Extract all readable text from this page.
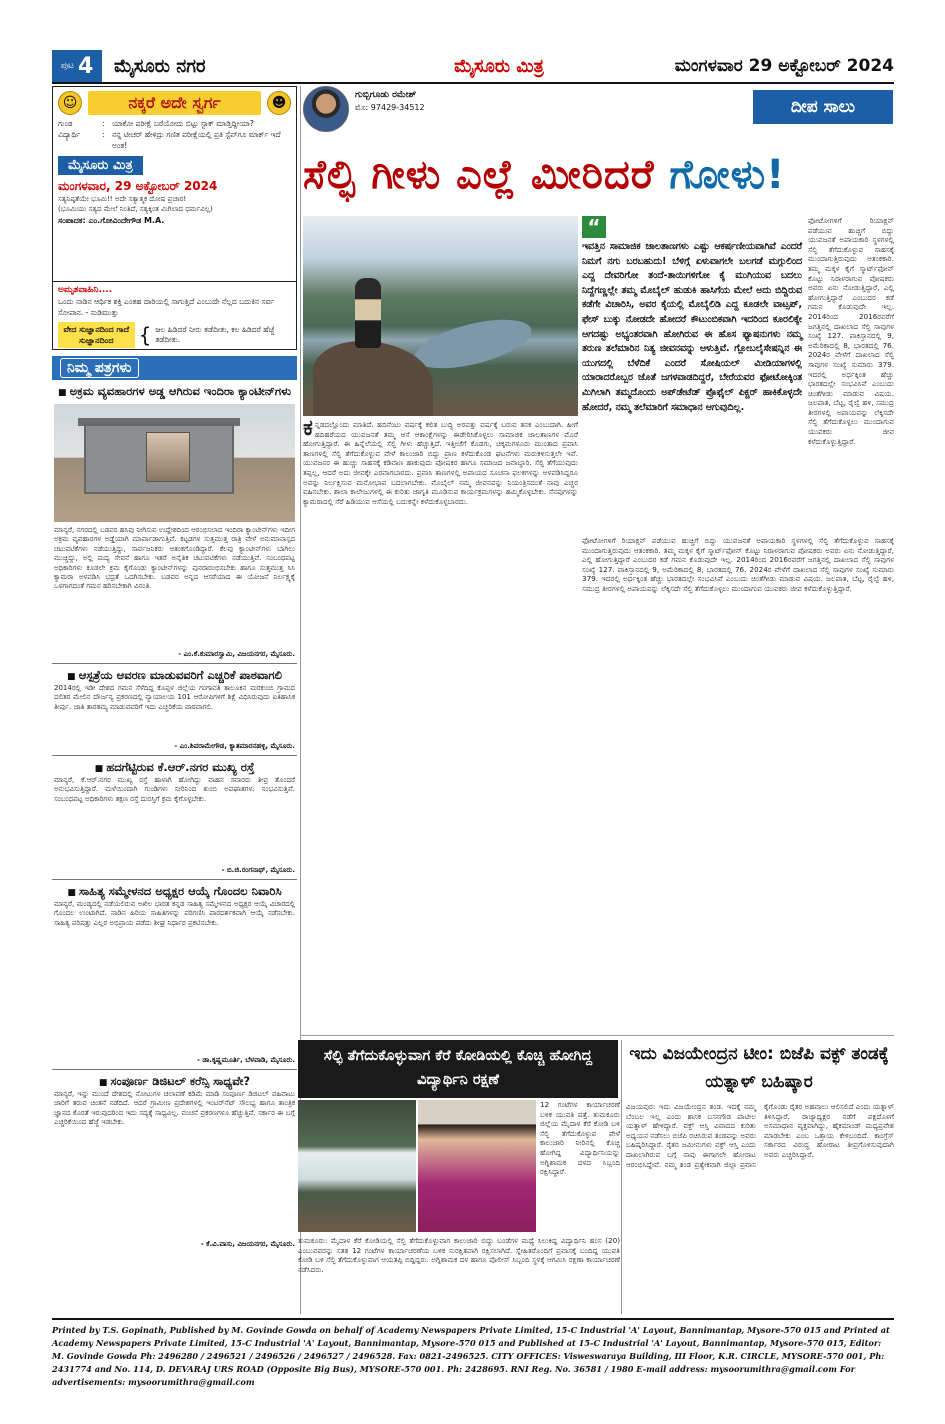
ಪುಟ 4 ಮೈಸೂರು ನಗರ	ಮೈಸೂರು ಮಿತ್ರ	ಮಂಗಳವಾರ 29 ಅಕ್ಟೋಬರ್ 2024
☺	ನಕ್ಕರೆ ಅದೇ ಸ್ವರ್ಗ	☻
ಗುಂಡ	: ಯಾಕೋ ಪರೀಕ್ಷೆ ಬರೆಯೋದು ಬಿಟ್ಟು ಸ್ಟಾಕ್ ಮಾಡ್ತಿದ್ದೀಯಾ?
ವಿದ್ಯಾರ್ಥಿ	: ನನ್ನ ಟೀಚರ್ ಹೇಳಿದ್ರು ಗಣಿತ ಪರೀಕ್ಷೆಯಲ್ಲಿ ಪ್ರತಿ ಸ್ಟೆಪ್‌ಗೂ ಮಾರ್ಕ್ ಇದೆ ಅಂತ!
ಮೈಸೂರು ಮಿತ್ರ
ಮಂಗಳವಾರ, 29 ಅಕ್ಟೋಬರ್ 2024
ಸತ್ಯನಿಷ್ಠತೆಯೇ ಭೂಮಿ!! ಅದೇ ಸತ್ಯಾತ್ಮಕ ದೋಷ ಪ್ರಚಾರ!
(ಭೂಮಿಯು ಸತ್ಯದ ಮೇಲೆ ನಿಂತಿದೆ, ಸತ್ಯಕ್ಕಿಂತ ಮಿಗಿಲಾದ ಧರ್ಮವಿಲ್ಲ)
ಸಂಪಾದಕ: ಎಂ.ಗೋವಿಂದೇಗೌಡ M.A.
ಅಮೃತವಾಹಿನಿ....
ಒಂದು ನಾಡಿನ ಆರ್ಥಿಕ ಶಕ್ತಿ ಎಂತಹ ದಾರಿಯಲ್ಲಿ ಸಾಗುತ್ತಿದೆ ಎಂಬುದೇ ನೆಲ್ಲದ ಬದುಕಿನ ಸರ್ವ ಸೋಪಾನ. - ನುಡಿಮುತ್ತು
ವೇದ ಸುಜ್ಞಾನದಿಂದ ಗಾದೆ ಸುಜ್ಞಾನದಿಂದ	{ ಜಲ ಹಿಡಿದರೆ ನೀರು ತಡೆದೀತು, ಕಲ ಹಿಡಿದರೆ ಹೆಜ್ಜೆ ತಡೆದೀತು.
ನಿಮ್ಮ ಪತ್ರಗಳು
■ ಅಕ್ರಮ ವ್ಯವಹಾರಗಳ ಅಡ್ಡ ಆಗಿರುವ ಇಂದಿರಾ ಕ್ಯಾಂಟೀನ್‌ಗಳು
ಮಾನ್ಯರೆ, ನಗರದಲ್ಲಿ ಬಡವರ ಹಸಿವು ನೀಗಿಸುವ ಉದ್ದೇಶದಿಂದ ಆರಂಭಿಸಲಾದ ಇಂದಿರಾ ಕ್ಯಾಂಟೀನ್‌ಗಳು ಇದೀಗ ಅಕ್ರಮ ವ್ಯವಹಾರಗಳ ಅಡ್ಡೆಯಾಗಿ ಮಾರ್ಪಾಡಾಗುತ್ತಿವೆ. ಕಟ್ಟಡಗಳ ಸುತ್ತಮುತ್ತ ರಾತ್ರಿ ವೇಳೆ ಅನುಮಾನಾಸ್ಪದ ಚಟುವಟಿಕೆಗಳು ನಡೆಯುತ್ತಿದ್ದು, ಸಾರ್ವಜನಿಕರು ಆತಂಕಗೊಂಡಿದ್ದಾರೆ. ಕೆಲವು ಕ್ಯಾಂಟೀನ್‌ಗಳು ಬಾಗಿಲು ಮುಚ್ಚಿದ್ದು, ಅಲ್ಲಿ ಮದ್ಯ ಸೇವನೆ ಹಾಗೂ ಇತರೆ ಅನೈತಿಕ ಚಟುವಟಿಕೆಗಳು ನಡೆಯುತ್ತಿವೆ. ಸಂಬಂಧಪಟ್ಟ ಅಧಿಕಾರಿಗಳು ಕೂಡಲೇ ಕ್ರಮ ಕೈಗೊಂಡು ಕ್ಯಾಂಟೀನ್‌ಗಳನ್ನು ಪುನರಾರಂಭಿಸಬೇಕು ಹಾಗೂ ಸುತ್ತಮುತ್ತ ಸಿಸಿ ಕ್ಯಾಮರಾ ಅಳವಡಿಸಿ ಭದ್ರತೆ ಒದಗಿಸಬೇಕು. ಬಡವರ ಅನ್ನದ ಆಸರೆಯಾದ ಈ ಯೋಜನೆ ನಿರ್ಲಕ್ಷ್ಯಕ್ಕೆ ಒಳಗಾಗದಂತೆ ಗಮನ ಹರಿಸಬೇಕಾಗಿ ವಿನಂತಿ.
- ಎಂ.ಕೆ.ಕುಮಾರಸ್ವಾಮಿ, ವಿಜಯನಗರ, ಮೈಸೂರು.
■ ಆಸ್ಪತ್ರೆಯ ಆವರಣ ಮಾಡುವವರಿಗೆ ಎಚ್ಚರಿಕೆ ಪಾಠವಾಗಲಿ
2014ರಲ್ಲಿ ಇಡೀ ದೇಶದ ಗಮನ ಸೆಳೆದಿದ್ದ ಕೊಪ್ಪಳ ಜಿಲ್ಲೆಯ ಗಂಗಾವತಿ ತಾಲೂಕಿನ ಮರಕುಂಬಿ ಗ್ರಾಮದ ದಲಿತರ ಮೇಲಿನ ದೌರ್ಜನ್ಯ ಪ್ರಕರಣದಲ್ಲಿ ನ್ಯಾಯಾಲಯ 101 ಆರೋಪಿಗಳಿಗೆ ಶಿಕ್ಷೆ ವಿಧಿಸಿರುವುದು ಐತಿಹಾಸಿಕ ತೀರ್ಪು. ಜಾತಿ ತಾರತಮ್ಯ ಮಾಡುವವರಿಗೆ ಇದು ಎಚ್ಚರಿಕೆಯ ಪಾಠವಾಗಲಿ.
- ಎಂ.ಶಿವರಾಮೇಗೌಡ, ಕ್ಯಾತಮಾರನಹಳ್ಳಿ, ಮೈಸೂರು.
■ ಹದಗೆಟ್ಟಿರುವ ಕೆ.ಆರ್.ನಗರ ಮುಖ್ಯ ರಸ್ತೆ
ಮಾನ್ಯರೆ, ಕೆ.ಆರ್.ನಗರ ಮುಖ್ಯ ರಸ್ತೆ ಹಾಳಾಗಿ ಹೋಗಿದ್ದು ವಾಹನ ಸವಾರರು ತೀವ್ರ ತೊಂದರೆ ಅನುಭವಿಸುತ್ತಿದ್ದಾರೆ. ಮಳೆಯಿಂದಾಗಿ ಗುಂಡಿಗಳು ನೀರಿನಿಂದ ತುಂಬಿ ಅಪಘಾತಗಳು ಸಂಭವಿಸುತ್ತಿವೆ. ಸಂಬಂಧಪಟ್ಟ ಅಧಿಕಾರಿಗಳು ತಕ್ಷಣ ರಸ್ತೆ ದುರಸ್ತಿಗೆ ಕ್ರಮ ಕೈಗೊಳ್ಳಬೇಕು.
- ಬಿ.ಜಿ.ರಂಗನಾಥ್, ಮೈಸೂರು.
■ ಸಾಹಿತ್ಯ ಸಮ್ಮೇಳನದ ಅಧ್ಯಕ್ಷರ ಆಯ್ಕೆ ಗೊಂದಲ ನಿವಾರಿಸಿ
ಮಾನ್ಯರೆ, ಮಂಡ್ಯದಲ್ಲಿ ನಡೆಯಲಿರುವ ಅಖಿಲ ಭಾರತ ಕನ್ನಡ ಸಾಹಿತ್ಯ ಸಮ್ಮೇಳನದ ಅಧ್ಯಕ್ಷರ ಆಯ್ಕೆ ವಿಚಾರದಲ್ಲಿ ಗೊಂದಲ ಉಂಟಾಗಿದೆ. ನಾಡಿನ ಹಿರಿಯ ಸಾಹಿತಿಗಳನ್ನು ಪರಿಗಣಿಸಿ ಪಾರದರ್ಶಕವಾಗಿ ಆಯ್ಕೆ ನಡೆಸಬೇಕು. ಸಾಹಿತ್ಯ ಪರಿಷತ್ತು ಎಲ್ಲರ ಅಭಿಪ್ರಾಯ ಪಡೆದು ಶೀಘ್ರ ನಿರ್ಧಾರ ಪ್ರಕಟಿಸಬೇಕು.
- ಡಾ.ಕೃಷ್ಣಮೂರ್ತಿ, ಬೆಳವಾಡಿ, ಮೈಸೂರು.
■ ಸಂಪೂರ್ಣ ಡಿಜಿಟಲ್ ಕರೆನ್ಸಿ ಸಾಧ್ಯವೇ?
ಮಾನ್ಯರೆ, ಇನ್ನು ಮುಂದೆ ದೇಶದಲ್ಲಿ ನೋಟುಗಳ ಚಲಾವಣೆ ಕಡಿಮೆ ಮಾಡಿ ಸಂಪೂರ್ಣ ಡಿಜಿಟಲ್ ವಹಿವಾಟು ಜಾರಿಗೆ ತರುವ ಚಿಂತನೆ ನಡೆದಿದೆ. ಆದರೆ ಗ್ರಾಮೀಣ ಪ್ರದೇಶಗಳಲ್ಲಿ ಇಂಟರ್‌ನೆಟ್ ಸೌಲಭ್ಯ ಹಾಗೂ ತಾಂತ್ರಿಕ ಜ್ಞಾನದ ಕೊರತೆ ಇರುವುದರಿಂದ ಇದು ಸದ್ಯಕ್ಕೆ ಸಾಧ್ಯವಿಲ್ಲ. ವಂಚನೆ ಪ್ರಕರಣಗಳೂ ಹೆಚ್ಚುತ್ತಿವೆ. ಸರ್ಕಾರ ಈ ಬಗ್ಗೆ ಎಚ್ಚರಿಕೆಯಿಂದ ಹೆಜ್ಜೆ ಇಡಬೇಕು.
- ಕೆ.ವಿ.ವಾಸು, ವಿಜಯನಗರ, ಮೈಸೂರು.
ಗುಬ್ಬಿಗೂಡು ರಮೇಶ್
ಮೊ: 97429-34512	ದೀಪ ಸಾಲು
ಸೆಲ್ಫಿ ಗೀಳು ಎಲ್ಲೆ ಮೀರಿದರೆ ಗೋಳು!
“
ಇವತ್ತಿನ ಸಾಮಾಜಿಕ ಜಾಲತಾಣಗಳು ಎಷ್ಟು ಆಕರ್ಷಣೀಯವಾಗಿವೆ ಎಂದರೆ ನಿಮಗೆ ನಗು ಬರಬಹುದು! ಬೆಳಿಗ್ಗೆ ಏಳುವಾಗಲೇ ಬಲಗಡೆ ಮಗ್ಗುಲಿಂದ ಎದ್ದ ದೇವರಿಗೋ ತಂದೆ-ತಾಯಿಗಳಿಗೋ ಕೈ ಮುಗಿಯುವ ಬದಲು ನಿದ್ದೆಗಣ್ಣಲ್ಲೇ ತಮ್ಮ ಮೊಬೈಲ್ ಹುಡುಕಿ ಹಾಸಿಗೆಯ ಮೇಲೆ ಅದು ಬಿದ್ದಿರುವ ಕಡೆಗೇ ವಿಚಾರಿಸಿ, ಅವರ ಕೈಯಲ್ಲಿ ಮೊಬೈಲಿಡಿ ಎದ್ದ ಕೂಡಲೇ ವಾಟ್ಸಪ್, ಫೇಸ್ ಬುಕ್ಕು ನೋಡದೇ ಹೋದರೆ ಕೌಟುಂಬಿಕವಾಗಿ ಇದರಿಂದ ಕೂರಲಿಕ್ಕೇ ಆಗದಷ್ಟು ಅಭ್ಯಂತರವಾಗಿ ಹೋಗಿರುವ ಈ ಹೊಸ ಫ್ಯಾಷನುಗಳು ನಮ್ಮ ತರುಣ ತಲೆಮಾರಿನ ನಿತ್ಯ ಜೀವನವನ್ನು ಆಳುತ್ತಿವೆ. ಗ್ಲೋಬಲೈಸೇಷನ್ನಿನ ಈ ಯುಗದಲ್ಲಿ ಬೆಳೆದಿಕೆ ಎಂದರೆ ಸೋಷಿಯಲ್ ಮೀಡಿಯಾಗಳಲ್ಲಿ ಯಾರಾದರೊಬ್ಬರ ಜೊತೆ ಜಗಳವಾಡದಿದ್ದರೆ, ಬೇರೆಯವರ ಫೋಟೋಕ್ಕಿಂತ ಮಿಗಿಲಾಗಿ ತಮ್ಮದೊಂದು ಅಪ್‌ಡೇಟೆಡ್ ಪ್ರೊಫೈಲ್ ಪಿಕ್ಚರ್ ಹಾಕಿಕೊಳ್ಳದೇ ಹೋದರೆ, ನಮ್ಮ ತಲೆಮಾರಿಗೆ ಸಮಾಧಾನ ಆಗುವುದಿಲ್ಲ.
ಫೋಟೋಗಳಿಗೆ ರಿಯಾಕ್ಷನ್ ಪಡೆಯುವ ಹುಚ್ಚಿಗೆ ಬಿದ್ದು ಯುವಜನತೆ ಅಪಾಯಕಾರಿ ಸ್ಥಳಗಳಲ್ಲಿ ಸೆಲ್ಫಿ ತೆಗೆದುಕೊಳ್ಳುವ ಸಾಹಸಕ್ಕೆ ಮುಂದಾಗುತ್ತಿರುವುದು ಆತಂಕಕಾರಿ. ತಮ್ಮ ಮಕ್ಕಳ ಕೈಗೆ ಸ್ಮಾರ್ಟ್‌ಫೋನ್ ಕೊಟ್ಟು ನಿರಾಳರಾಗುವ ಪೋಷಕರು ಅವರು ಏನು ನೋಡುತ್ತಿದ್ದಾರೆ, ಎಲ್ಲಿ ಹೋಗುತ್ತಿದ್ದಾರೆ ಎಂಬುದರ ಕಡೆ ಗಮನ ಕೊಡುವುದೇ ಇಲ್ಲ. 2014ರಿಂದ 2016ರವರೆಗೆ ಜಗತ್ತಿನಲ್ಲಿ ದಾಖಲಾದ ಸೆಲ್ಫಿ ಸಾವುಗಳ ಸಂಖ್ಯೆ 127. ಪಾಕಿಸ್ತಾನದಲ್ಲಿ 9, ಅಮೆರಿಕಾದಲ್ಲಿ 8, ಭಾರತದಲ್ಲಿ 76. 2024ರ ವೇಳೆಗೆ ದಾಖಲಾದ ಸೆಲ್ಫಿ ಸಾವುಗಳ ಸಂಖ್ಯೆ ಸುಮಾರು 379. ಇದರಲ್ಲಿ ಅರ್ಧಕ್ಕಿಂತ ಹೆಚ್ಚು ಭಾರತದಲ್ಲೇ ಸಂಭವಿಸಿವೆ ಎಂಬುದು ಚಿಂತೆಗೀಡು ಮಾಡುವ ವಿಷಯ. ಜಲಪಾತ, ಬೆಟ್ಟ, ರೈಲ್ವೆ ಹಳಿ, ಸಮುದ್ರ ತೀರಗಳಲ್ಲಿ ಅಪಾಯವನ್ನು ಲೆಕ್ಕಿಸದೇ ಸೆಲ್ಫಿ ತೆಗೆದುಕೊಳ್ಳಲು ಮುಂದಾಗುವ ಯುವಕರು ಜೀವ ಕಳೆದುಕೊಳ್ಳುತ್ತಿದ್ದಾರೆ.
ಕನ್ನಡದಲ್ಲೊಂದು ಮಾತಿದೆ. ಹದಿನೆಂಟು ವರ್ಷಕ್ಕೆ ಕಲಿತ ಬುದ್ಧಿ ಅರವತ್ತು ವರ್ಷಕ್ಕೆ ಬರುವ ತನಕ ಎಂಬುದಾಗಿ. ಹೀಗೆ ಹದಿಹರೆಯದ ಯುವಜನತೆ ತಮ್ಮ ಆಸೆ ಆಕಾಂಕ್ಷೆಗಳನ್ನು ಈಡೇರಿಸಿಕೊಳ್ಳಲು ಸಾಮಾಜಿಕ ಜಾಲತಾಣಗಳ ಮೊರೆ ಹೋಗುತ್ತಿದ್ದಾರೆ. ಈ ಹಿನ್ನೆಲೆಯಲ್ಲಿ ಸೆಲ್ಫಿ ಗೀಳು ಹೆಚ್ಚುತ್ತಿದೆ. ಇತ್ತೀಚೆಗೆ ಕೊಡಗು, ಚಿಕ್ಕಮಗಳೂರು ಮುಂತಾದ ಪ್ರವಾಸಿ ತಾಣಗಳಲ್ಲಿ ಸೆಲ್ಫಿ ತೆಗೆದುಕೊಳ್ಳುವ ವೇಳೆ ಕಾಲುಜಾರಿ ಬಿದ್ದು ಪ್ರಾಣ ಕಳೆದುಕೊಂಡ ಘಟನೆಗಳು ಮರುಕಳಿಸುತ್ತಲೇ ಇವೆ. ಯುವಜನರ ಈ ಹುಚ್ಚು ಸಾಹಸಕ್ಕೆ ಕಡಿವಾಣ ಹಾಕುವುದು ಪೋಷಕರ ಹಾಗೂ ಸಮಾಜದ ಜವಾಬ್ದಾರಿ. ಸೆಲ್ಫಿ ತೆಗೆಯುವುದು ತಪ್ಪಲ್ಲ, ಆದರೆ ಅದು ಜೀವಕ್ಕೇ ಎರವಾಗಬಾರದು. ಪ್ರವಾಸಿ ತಾಣಗಳಲ್ಲಿ ಅಪಾಯದ ಸೂಚನಾ ಫಲಕಗಳನ್ನು ಅಳವಡಿಸಿದ್ದರೂ ಅವನ್ನು ನಿರ್ಲಕ್ಷಿಸುವ ಮನೋಭಾವ ಬದಲಾಗಬೇಕು. ಮೊಬೈಲ್ ನಮ್ಮ ಜೀವನವನ್ನು ನಿಯಂತ್ರಿಸದಂತೆ ನಾವು ಎಚ್ಚರ ವಹಿಸಬೇಕು. ಶಾಲಾ ಕಾಲೇಜುಗಳಲ್ಲಿ ಈ ಕುರಿತು ಜಾಗೃತಿ ಮೂಡಿಸುವ ಕಾರ್ಯಕ್ರಮಗಳನ್ನು ಹಮ್ಮಿಕೊಳ್ಳಬೇಕು. ನೆನಪುಗಳನ್ನು ಕ್ಯಾಮರಾದಲ್ಲಿ ಸೆರೆ ಹಿಡಿಯುವ ಆಸೆಯಲ್ಲಿ ಬದುಕನ್ನೇ ಕಳೆದುಕೊಳ್ಳಬಾರದು.
ಫೋಟೋಗಳಿಗೆ ರಿಯಾಕ್ಷನ್ ಪಡೆಯುವ ಹುಚ್ಚಿಗೆ ಬಿದ್ದು ಯುವಜನತೆ ಅಪಾಯಕಾರಿ ಸ್ಥಳಗಳಲ್ಲಿ ಸೆಲ್ಫಿ ತೆಗೆದುಕೊಳ್ಳುವ ಸಾಹಸಕ್ಕೆ ಮುಂದಾಗುತ್ತಿರುವುದು ಆತಂಕಕಾರಿ. ತಮ್ಮ ಮಕ್ಕಳ ಕೈಗೆ ಸ್ಮಾರ್ಟ್‌ಫೋನ್ ಕೊಟ್ಟು ನಿರಾಳರಾಗುವ ಪೋಷಕರು ಅವರು ಏನು ನೋಡುತ್ತಿದ್ದಾರೆ, ಎಲ್ಲಿ ಹೋಗುತ್ತಿದ್ದಾರೆ ಎಂಬುದರ ಕಡೆ ಗಮನ ಕೊಡುವುದೇ ಇಲ್ಲ. 2014ರಿಂದ 2016ರವರೆಗೆ ಜಗತ್ತಿನಲ್ಲಿ ದಾಖಲಾದ ಸೆಲ್ಫಿ ಸಾವುಗಳ ಸಂಖ್ಯೆ 127. ಪಾಕಿಸ್ತಾನದಲ್ಲಿ 9, ಅಮೆರಿಕಾದಲ್ಲಿ 8, ಭಾರತದಲ್ಲಿ 76. 2024ರ ವೇಳೆಗೆ ದಾಖಲಾದ ಸೆಲ್ಫಿ ಸಾವುಗಳ ಸಂಖ್ಯೆ ಸುಮಾರು 379. ಇದರಲ್ಲಿ ಅರ್ಧಕ್ಕಿಂತ ಹೆಚ್ಚು ಭಾರತದಲ್ಲೇ ಸಂಭವಿಸಿವೆ ಎಂಬುದು ಚಿಂತೆಗೀಡು ಮಾಡುವ ವಿಷಯ. ಜಲಪಾತ, ಬೆಟ್ಟ, ರೈಲ್ವೆ ಹಳಿ, ಸಮುದ್ರ ತೀರಗಳಲ್ಲಿ ಅಪಾಯವನ್ನು ಲೆಕ್ಕಿಸದೇ ಸೆಲ್ಫಿ ತೆಗೆದುಕೊಳ್ಳಲು ಮುಂದಾಗುವ ಯುವಕರು ಜೀವ ಕಳೆದುಕೊಳ್ಳುತ್ತಿದ್ದಾರೆ.
ಸೆಲ್ಫಿ ತೆಗೆದುಕೊಳ್ಳುವಾಗ ಕೆರೆ ಕೋಡಿಯಲ್ಲಿ ಕೊಚ್ಚಿ ಹೋಗಿದ್ದ ವಿದ್ಯಾರ್ಥಿನಿ ರಕ್ಷಣೆ
12 ಗಂಟೆಗಳ ಕಾರ್ಯಾಚರಣೆ ಬಳಿಕ ಯುವತಿ ಪತ್ತೆ. ತುಮಕೂರು ಜಿಲ್ಲೆಯ ಮೈದಾಳ ಕೆರೆ ಕೋಡಿ ಬಳಿ ಸೆಲ್ಫಿ ತೆಗೆದುಕೊಳ್ಳುವ ವೇಳೆ ಕಾಲುಜಾರಿ ನೀರಿನಲ್ಲಿ ಕೊಚ್ಚಿ ಹೋಗಿದ್ದ ವಿದ್ಯಾರ್ಥಿನಿಯನ್ನು ಅಗ್ನಿಶಾಮಕ ದಳದ ಸಿಬ್ಬಂದಿ ರಕ್ಷಿಸಿದ್ದಾರೆ.
ತುಮಕೂರು: ಮೈದಾಳ ಕೆರೆ ಕೋಡಿಯಲ್ಲಿ ಸೆಲ್ಫಿ ತೆಗೆದುಕೊಳ್ಳುವಾಗ ಕಾಲುಜಾರಿ ಬಿದ್ದು ಬಂಡೆಗಳ ಮಧ್ಯೆ ಸಿಲುಕಿದ್ದ ವಿದ್ಯಾರ್ಥಿನಿ ಹಂಸ (20) ಎಂಬುವವರನ್ನು ಸತತ 12 ಗಂಟೆಗಳ ಕಾರ್ಯಾಚರಣೆಯ ಬಳಿಕ ಸುರಕ್ಷಿತವಾಗಿ ರಕ್ಷಿಸಲಾಗಿದೆ. ಸ್ನೇಹಿತರೊಂದಿಗೆ ಪ್ರವಾಸಕ್ಕೆ ಬಂದಿದ್ದ ಯುವತಿ ಕೋಡಿ ಬಳಿ ಸೆಲ್ಫಿ ತೆಗೆದುಕೊಳ್ಳುವಾಗ ಆಯತಪ್ಪಿ ಬಿದ್ದಿದ್ದರು. ಅಗ್ನಿಶಾಮಕ ದಳ ಹಾಗೂ ಪೊಲೀಸ್ ಸಿಬ್ಬಂದಿ ಸ್ಥಳಕ್ಕೆ ಆಗಮಿಸಿ ರಕ್ಷಣಾ ಕಾರ್ಯಾಚರಣೆ ನಡೆಸಿದರು.
ಇದು ವಿಜಯೇಂದ್ರನ ಟೀಂ: ಬಿಜೆಪಿ ವಕ್ಫ್ ತಂಡಕ್ಕೆ ಯತ್ನಾಳ್ ಬಹಿಷ್ಕಾರ
ವಿಜಯಪುರ: ಇದು ವಿಜಯೇಂದ್ರನ ತಂಡ. ಇದಕ್ಕೆ ನಮ್ಮ ಬೆಂಬಲ ಇಲ್ಲ ಎಂದು ಶಾಸಕ ಬಸನಗೌಡ ಪಾಟೀಲ ಯತ್ನಾಳ್ ಹೇಳಿದ್ದಾರೆ. ವಕ್ಫ್ ಆಸ್ತಿ ವಿವಾದದ ಕುರಿತು ಅಧ್ಯಯನ ನಡೆಸಲು ಬಿಜೆಪಿ ರಚಿಸಿರುವ ತಂಡವನ್ನು ಅವರು ಬಹಿಷ್ಕರಿಸಿದ್ದಾರೆ. ರೈತರ ಜಮೀನುಗಳು ವಕ್ಫ್ ಆಸ್ತಿ ಎಂದು ದಾಖಲಾಗಿರುವ ಬಗ್ಗೆ ನಾವು ಈಗಾಗಲೇ ಹೋರಾಟ ಆರಂಭಿಸಿದ್ದೇವೆ. ನಮ್ಮ ತಂಡ ಪ್ರತ್ಯೇಕವಾಗಿ ಜಿಲ್ಲಾ ಪ್ರವಾಸ ಕೈಗೊಂಡು ರೈತರ ಅಹವಾಲು ಆಲಿಸಲಿದೆ ಎಂದು ಯತ್ನಾಳ್ ತಿಳಿಸಿದ್ದಾರೆ. ರಾಜ್ಯಾಧ್ಯಕ್ಷರ ನಡೆಗೆ ಪಕ್ಷದೊಳಗೆ ಅಸಮಾಧಾನ ವ್ಯಕ್ತವಾಗಿದ್ದು, ಹೈಕಮಾಂಡ್ ಮಧ್ಯಪ್ರವೇಶ ಮಾಡಬೇಕು ಎಂಬ ಒತ್ತಾಯ ಕೇಳಿಬಂದಿದೆ. ಕಾಂಗ್ರೆಸ್ ಸರ್ಕಾರದ ವಿರುದ್ಧ ಹೋರಾಟ ತೀವ್ರಗೊಳಿಸುವುದಾಗಿ ಅವರು ಎಚ್ಚರಿಸಿದ್ದಾರೆ.
Printed by T.S. Gopinath, Published by M. Govinde Gowda on behalf of Academy Newspapers Private Limited, 15-C Industrial 'A' Layout, Bannimantap, Mysore-570 015 and Printed at Academy Newspapers Private Limited, 15-C Industrial 'A' Layout, Bannimantap, Mysore-570 015 and Published at 15-C Industrial 'A' Layout, Bannimantap, Mysore-570 015, Editor: M. Govinde Gowda Ph: 2496280 / 2496521 / 2496526 / 2496527 / 2496528. Fax: 0821-2496525. CITY OFFICES: Visweswaraya Building, III Floor, K.R. CIRCLE, MYSORE-570 001, Ph: 2431774 and No. 114, D. DEVARAJ URS ROAD (Opposite Big Bus), MYSORE-570 001. Ph: 2428695. RNI Reg. No. 36581 / 1980 E-mail address: mysoorumithra@gmail.com For advertisements: mysoorumithra@gmail.com
